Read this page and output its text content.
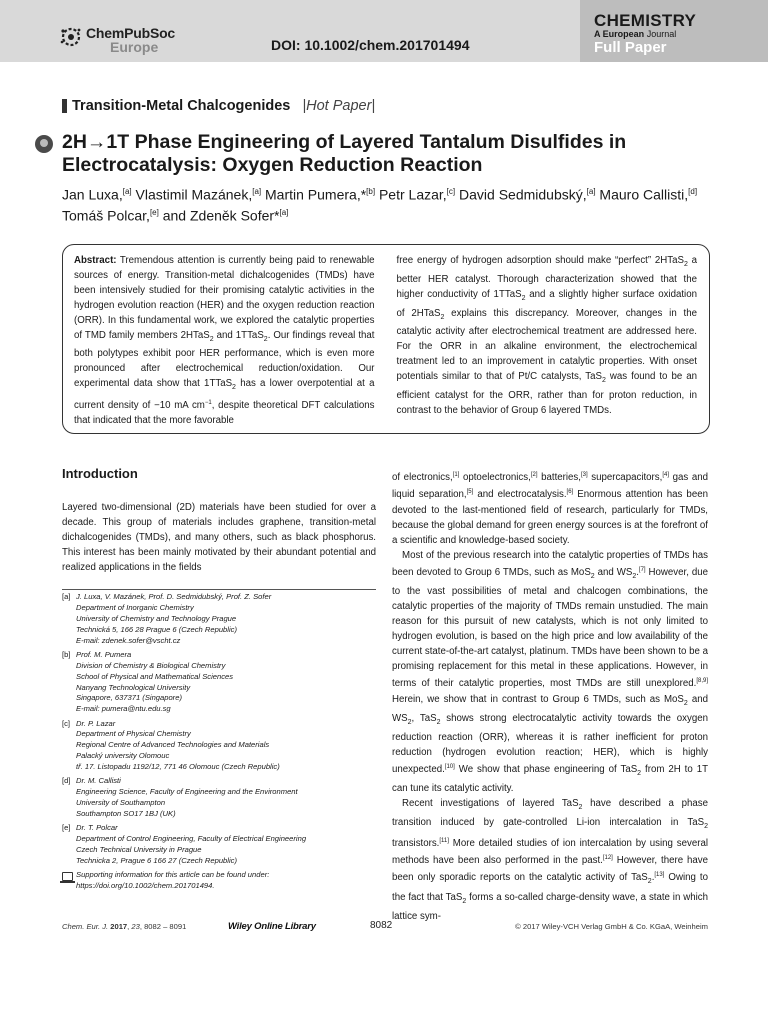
ChemPubSoc
Europe	DOI: 10.1002/chem.201701494
CHEMISTRY
A European Journal
Full Paper
Transition-Metal Chalcogenides |Hot Paper|
2H→1T Phase Engineering of Layered Tantalum Disulfides in Electrocatalysis: Oxygen Reduction Reaction
Jan Luxa,[a] Vlastimil Mazánek,[a] Martin Pumera,*[b] Petr Lazar,[c] David Sedmidubský,[a] Mauro Callisti,[d] Tomáš Polcar,[e] and Zdeněk Sofer*[a]
Abstract: Tremendous attention is currently being paid to renewable sources of energy. Transition-metal dichalcogenides (TMDs) have been intensively studied for their promising catalytic activities in the hydrogen evolution reaction (HER) and the oxygen reduction reaction (ORR). In this fundamental work, we explored the catalytic properties of TMD family members 2HTaS$_2$ and 1TTaS$_2$. Our findings reveal that both polytypes exhibit poor HER performance, which is even more pronounced after electrochemical reduction/oxidation. Our experimental data show that 1TTaS$_2$ has a lower overpotential at a current density of −10 mA $cm^{-1}$, despite theoretical DFT calculations that indicated that the more favorable
free energy of hydrogen adsorption should make “perfect” 2HTaS$_2$ a better HER catalyst. Thorough characterization showed that the higher conductivity of 1TTaS$_2$ and a slightly higher surface oxidation of 2HTaS$_2$ explains this discrepancy. Moreover, changes in the catalytic activity after electrochemical treatment are addressed here. For the ORR in an alkaline environment, the electrochemical treatment led to an improvement in catalytic properties. With onset potentials similar to that of Pt/C catalysts, TaS$_2$ was found to be an efficient catalyst for the ORR, rather than for proton reduction, in contrast to the behavior of Group 6 layered TMDs.
Introduction
Layered two-dimensional (2D) materials have been studied for over a decade. This group of materials includes graphene, transition-metal dichalcogenides (TMDs), and many others, such as black phosphorus. This interest has been mainly motivated by their abundant potential and realized applications in the fields
[a] J. Luxa, V. Mazánek, Prof. D. Sedmidubský, Prof. Z. Sofer
Department of Inorganic Chemistry
University of Chemistry and Technology Prague
Technická 5, 166 28 Prague 6 (Czech Republic)
E-mail: zdenek.sofer@vscht.cz
[b] Prof. M. Pumera
Division of Chemistry & Biological Chemistry
School of Physical and Mathematical Sciences
Nanyang Technological University
Singapore, 637371 (Singapore)
E-mail: pumera@ntu.edu.sg
[c] Dr. P. Lazar
Department of Physical Chemistry
Regional Centre of Advanced Technologies and Materials
Palacký university Olomouc
tř. 17. Listopadu 1192/12, 771 46 Olomouc (Czech Republic)
[d] Dr. M. Callisti
Engineering Science, Faculty of Engineering and the Environment
University of Southampton
Southampton SO17 1BJ (UK)
[e] Dr. T. Polcar
Department of Control Engineering, Faculty of Electrical Engineering
Czech Technical University in Prague
Technicka 2, Prague 6 166 27 (Czech Republic)
Supporting information for this article can be found under:
https://doi.org/10.1002/chem.201701494.

of electronics,[1] optoelectronics,[2] batteries,[3] supercapacitors,[4] gas and liquid separation,[5] and electrocatalysis.[6] Enormous attention has been devoted to the last-mentioned field of research, particularly for TMDs, because the global demand for green energy sources is at the forefront of a scientific and knowledge-based society.

Most of the previous research into the catalytic properties of TMDs has been devoted to Group 6 TMDs, such as MoS$_2$ and $WS_2.[7]$ However, due to the vast possibilities of metal and chalcogen combinations, the catalytic properties of the majority of TMDs remain unstudied. The main reason for this pursuit of new catalysts, which is not only limited to hydrogen evolution, is based on the high price and low availability of the current state-of-the-art catalyst, platinum. TMDs have been shown to be a promising replacement for this metal in these applications. However, in terms of their catalytic properties, most TMDs are still unexplored.[8,9] Herein, we show that in contrast to Group 6 TMDs, such as MoS$_2$ and $WS_2$, TaS$_2$ shows strong electrocatalytic activity towards the oxygen reduction reaction (ORR), whereas it is rather inefficient for proton reduction (hydrogen evolution reaction; HER), which is highly unexpected.[10] We show that phase engineering of TaS$_2$ from 2H to 1T can tune its catalytic activity.

Recent investigations of layered TaS$_2$ have described a phase transition induced by gate-controlled Li-ion intercalation in TaS$_2$ transistors.[11] More detailed studies of ion intercalation by using several methods have been also performed in the past.[12] However, there have been only sporadic reports on the catalytic activity of TaS$_2$.[13] Owing to the fact that TaS$_2$ forms a so-called charge-density wave, a state in which lattice sym-

Chem. Eur. J. 2017, 23, 8082 – 8091	Wiley Online Library	8082	© 2017 Wiley-VCH Verlag GmbH & Co. KGaA, Weinheim
